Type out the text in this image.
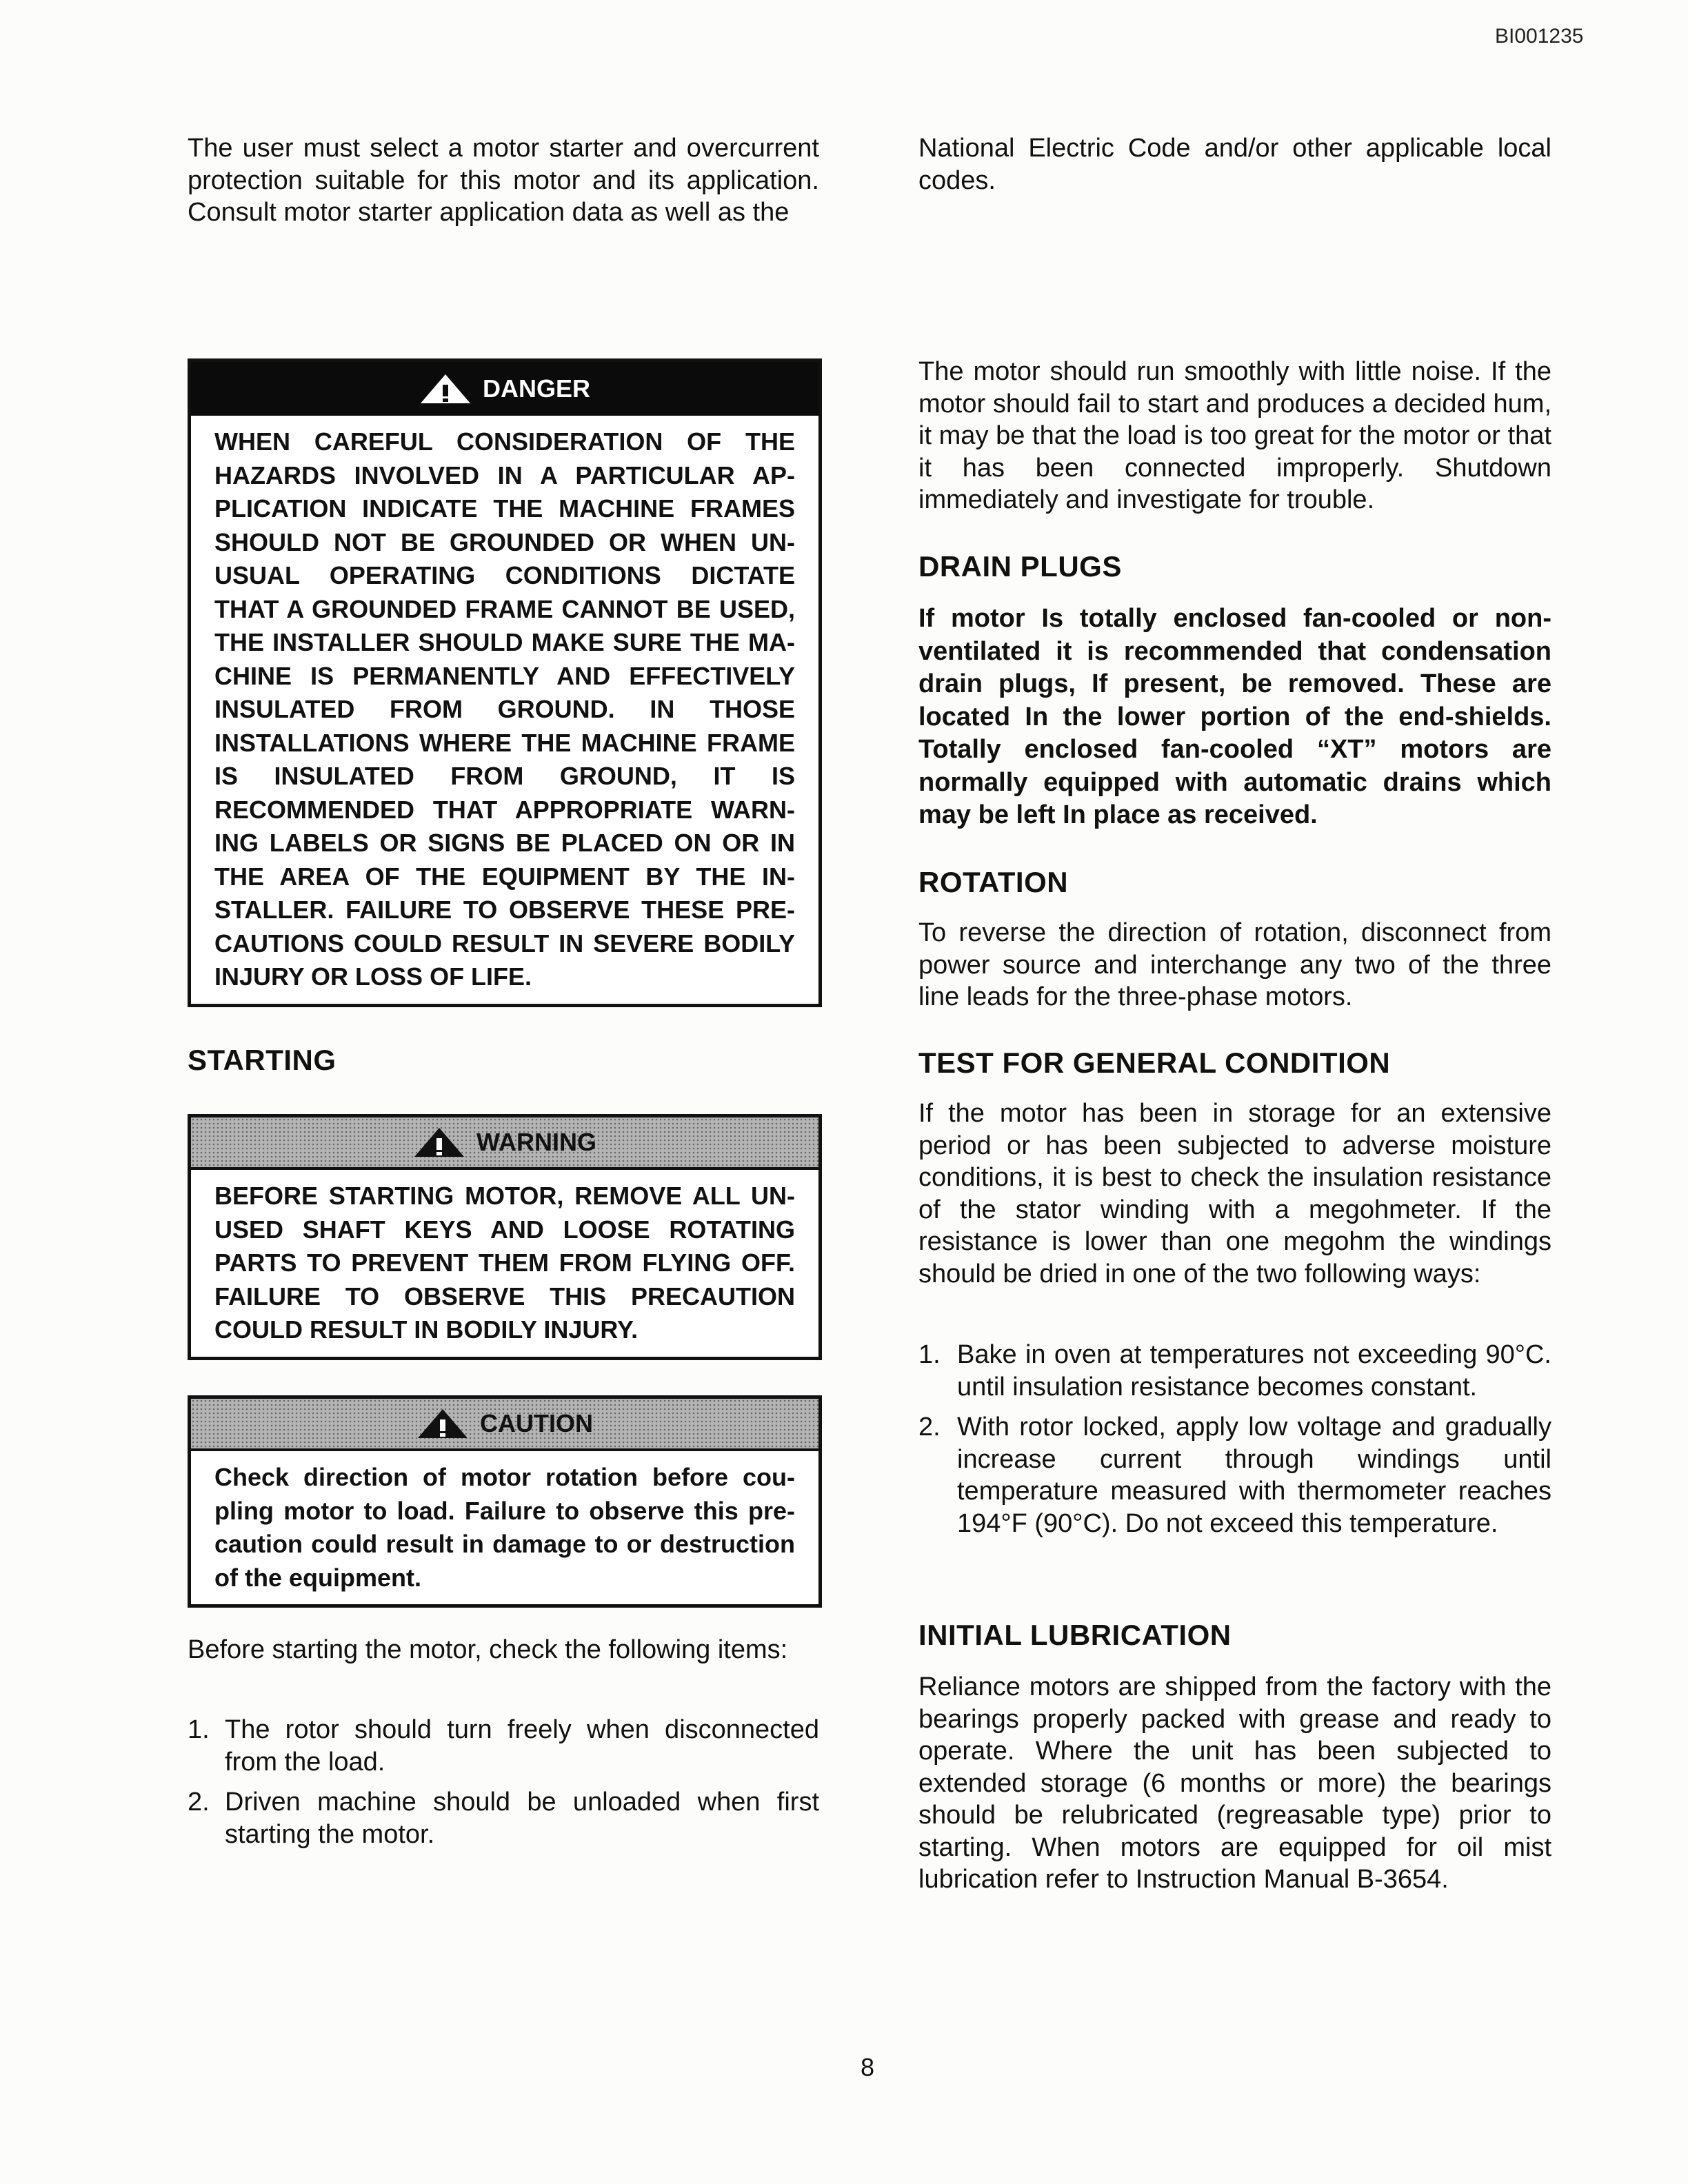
BI001235

The user must select a motor starter and overcurrent protection suitable for this motor and its application. Consult motor starter application data as well as the

DANGER
WHEN CAREFUL CONSIDERATION OF THE HAZARDS INVOLVED IN A PARTICULAR AP-PLICATION INDICATE THE MACHINE FRAMES SHOULD NOT BE GROUNDED OR WHEN UN-USUAL OPERATING CONDITIONS DICTATE THAT A GROUNDED FRAME CANNOT BE USED, THE INSTALLER SHOULD MAKE SURE THE MA-CHINE IS PERMANENTLY AND EFFECTIVELY INSULATED FROM GROUND. IN THOSE INSTALLATIONS WHERE THE MACHINE FRAME IS INSULATED FROM GROUND, IT IS RECOMMENDED THAT APPROPRIATE WARN-ING LABELS OR SIGNS BE PLACED ON OR IN THE AREA OF THE EQUIPMENT BY THE IN-STALLER. FAILURE TO OBSERVE THESE PRE-CAUTIONS COULD RESULT IN SEVERE BODILY INJURY OR LOSS OF LIFE.
STARTING
WARNING
BEFORE STARTING MOTOR, REMOVE ALL UN-USED SHAFT KEYS AND LOOSE ROTATING PARTS TO PREVENT THEM FROM FLYING OFF. FAILURE TO OBSERVE THIS PRECAUTION COULD RESULT IN BODILY INJURY.
CAUTION
Check direction of motor rotation before cou-pling motor to load. Failure to observe this pre-caution could result in damage to or destruction of the equipment.

Before starting the motor, check the following items:

1. The rotor should turn freely when disconnected from the load.

2. Driven machine should be unloaded when first starting the motor.

National Electric Code and/or other applicable local codes.

The motor should run smoothly with little noise. If the motor should fail to start and produces a decided hum, it may be that the load is too great for the motor or that it has been connected improperly. Shutdown immediately and investigate for trouble.

DRAIN PLUGS

If motor Is totally enclosed fan-cooled or non-ventilated it is recommended that condensation drain plugs, If present, be removed. These are located In the lower portion of the end-shields. Totally enclosed fan-cooled “XT” motors are normally equipped with automatic drains which may be left In place as received.

ROTATION

To reverse the direction of rotation, disconnect from power source and interchange any two of the three line leads for the three-phase motors.

TEST FOR GENERAL CONDITION

If the motor has been in storage for an extensive period or has been subjected to adverse moisture conditions, it is best to check the insulation resistance of the stator winding with a megohmeter. If the resistance is lower than one megohm the windings should be dried in one of the two following ways:

1. Bake in oven at temperatures not exceeding 90°C. until insulation resistance becomes constant.

2. With rotor locked, apply low voltage and gradually increase current through windings until temperature measured with thermometer reaches 194°F (90°C). Do not exceed this temperature.

INITIAL LUBRICATION

Reliance motors are shipped from the factory with the bearings properly packed with grease and ready to operate. Where the unit has been subjected to extended storage (6 months or more) the bearings should be relubricated (regreasable type) prior to starting. When motors are equipped for oil mist lubrication refer to Instruction Manual B-3654.

8
